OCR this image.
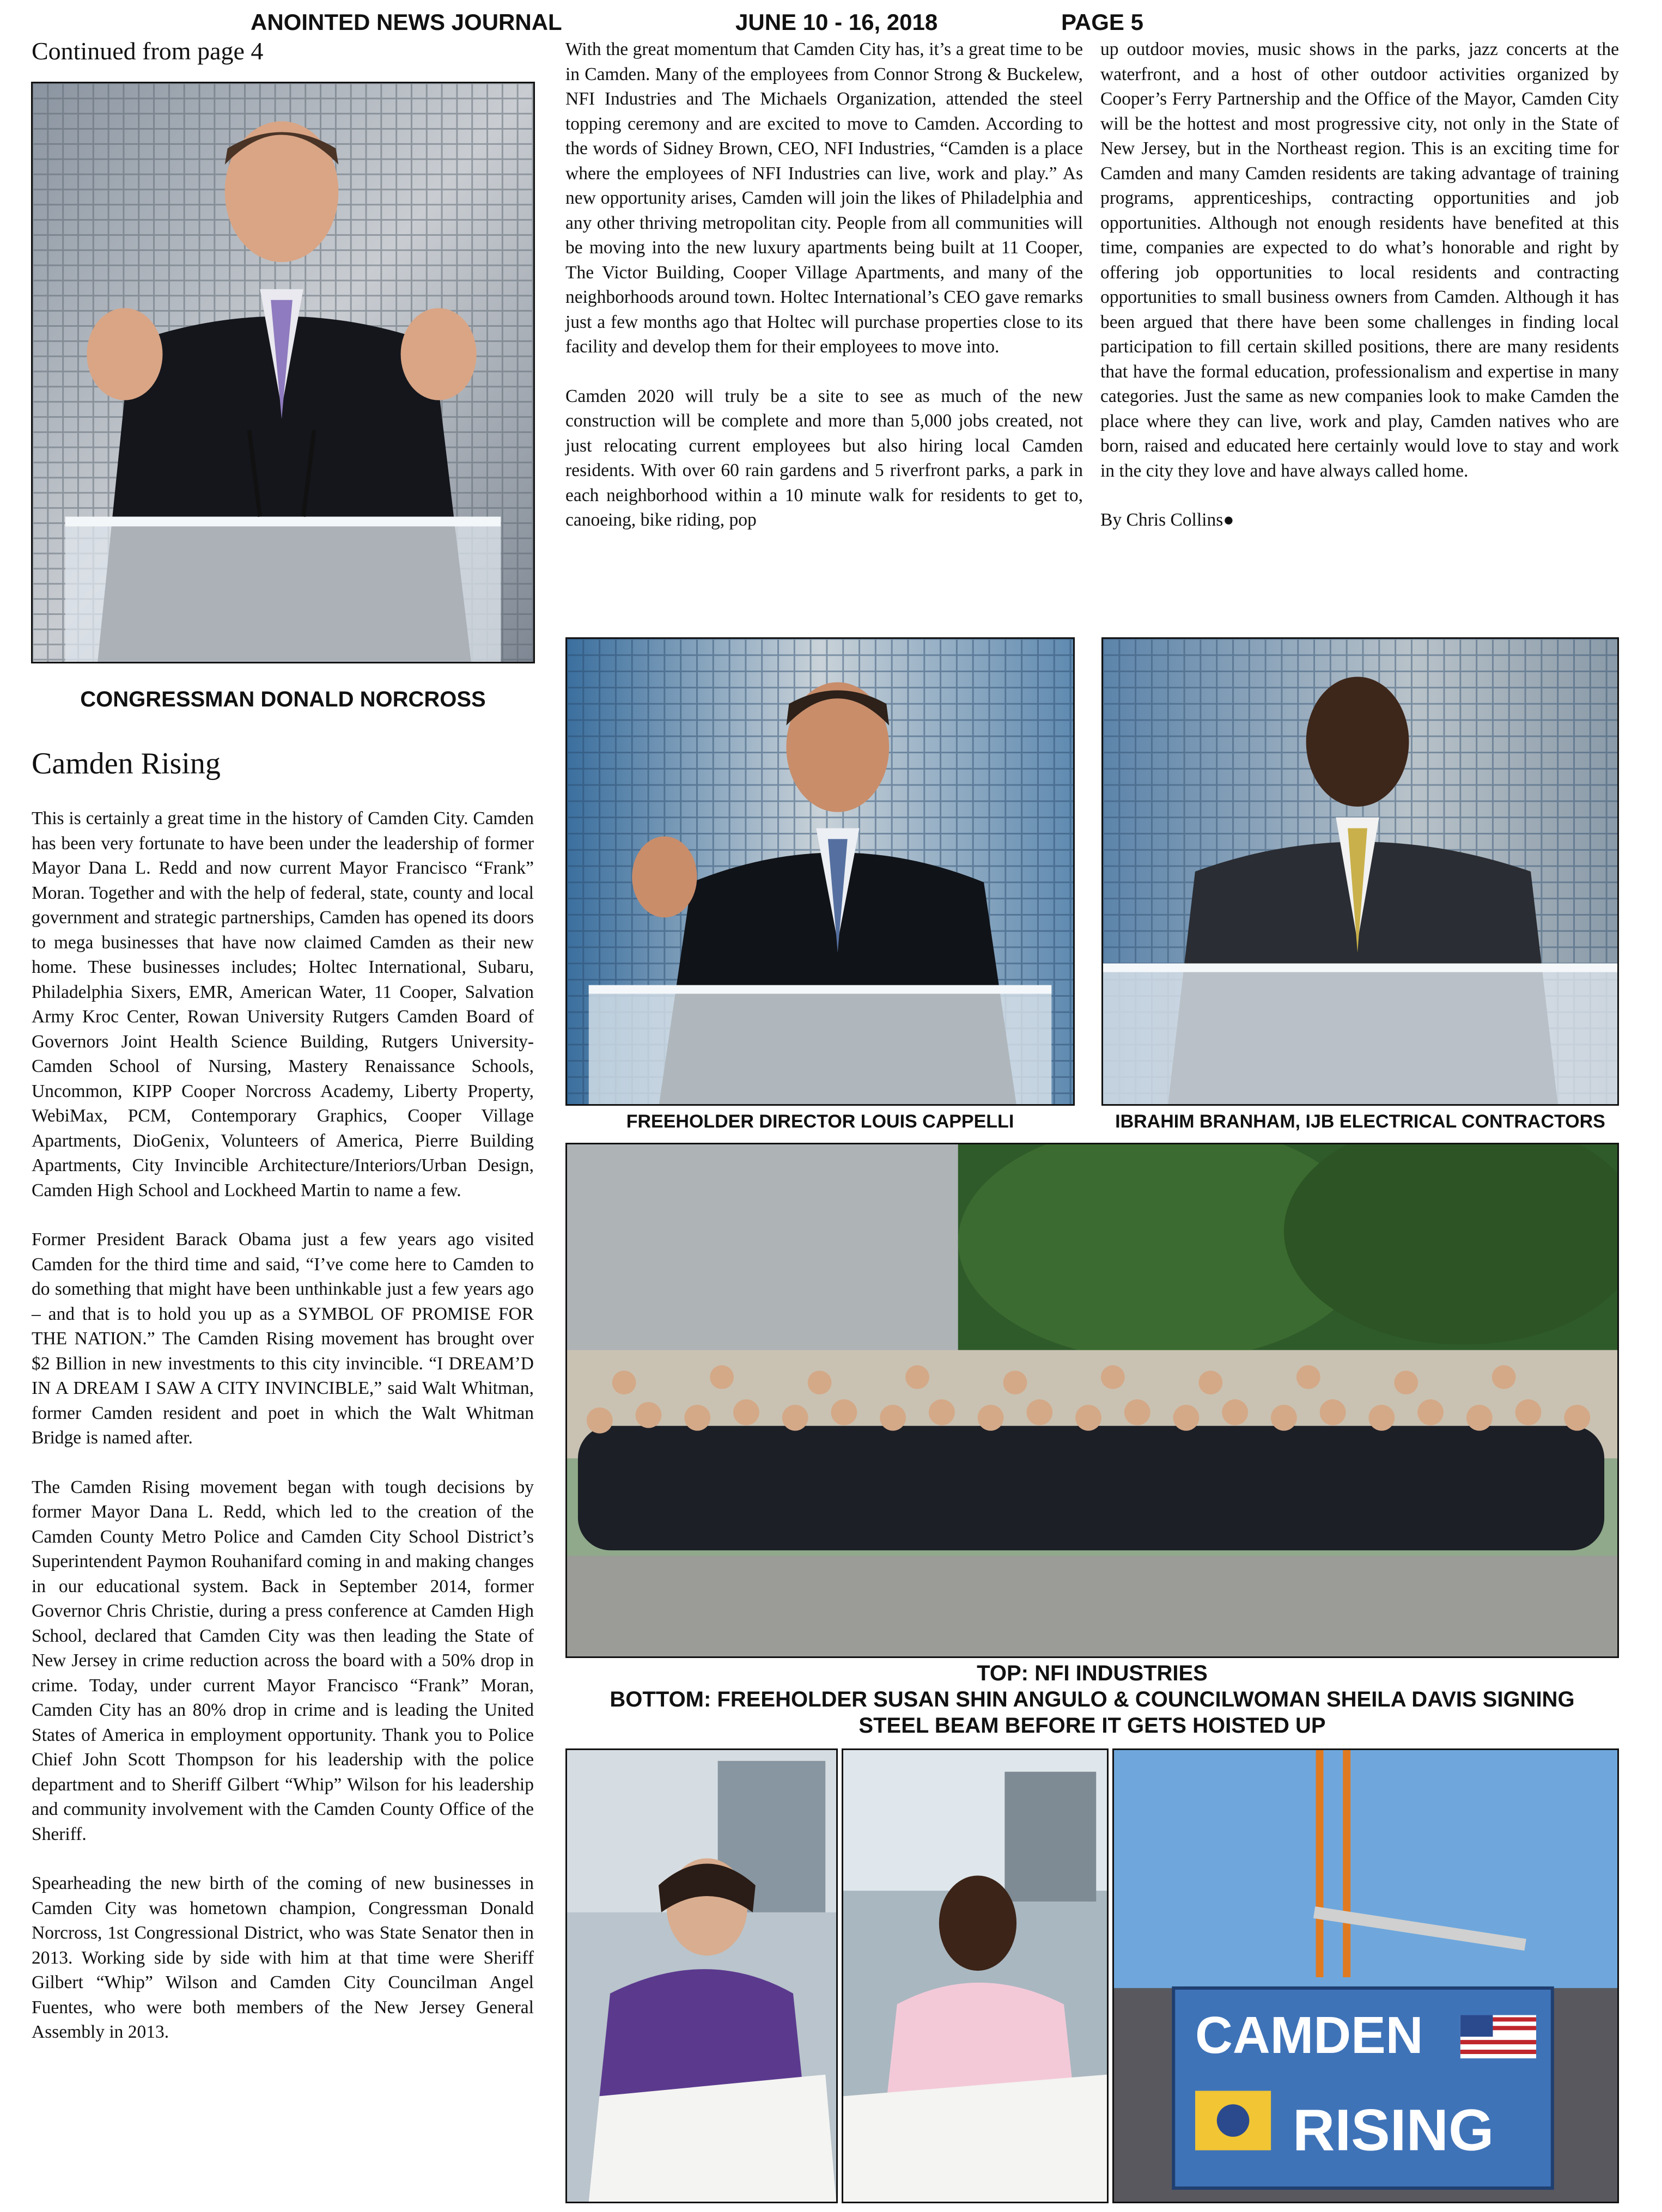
ANOINTED NEWS JOURNAL	JUNE 10 - 16, 2018	PAGE 5
Continued from page 4
CONGRESSMAN DONALD NORCROSS
Camden Rising

This is certainly a great time in the history of Camden City. Camden has been very fortunate to have been under the leadership of former Mayor Dana L. Redd and now current Mayor Francisco “Frank” Moran. Together and with the help of federal, state, county and local government and strategic partnerships, Camden has opened its doors to mega businesses that have now claimed Camden as their new home. These businesses includes; Holtec International, Subaru, Philadelphia Sixers, EMR, American Water, 11 Cooper, Salvation Army Kroc Center, Rowan University Rutgers Camden Board of Governors Joint Health Science Building, Rutgers University-Camden School of Nursing, Mastery Renaissance Schools, Uncommon, KIPP Cooper Norcross Academy, Liberty Property, WebiMax, PCM, Contemporary Graphics, Cooper Village Apartments, DioGenix, Volunteers of America, Pierre Building Apartments, City Invincible Architecture/Interiors/Urban Design, Camden High School and Lockheed Martin to name a few.

Former President Barack Obama just a few years ago visited Camden for the third time and said, “I’ve come here to Camden to do something that might have been unthinkable just a few years ago – and that is to hold you up as a SYMBOL OF PROMISE FOR THE NATION.” The Camden Rising movement has brought over $2 Billion in new investments to this city invincible. “I DREAM’D IN A DREAM I SAW A CITY INVINCIBLE,” said Walt Whitman, former Camden resident and poet in which the Walt Whitman Bridge is named after.

The Camden Rising movement began with tough decisions by former Mayor Dana L. Redd, which led to the creation of the Camden County Metro Police and Camden City School District’s Superintendent Paymon Rouhanifard coming in and making changes in our educational system. Back in September 2014, former Governor Chris Christie, during a press conference at Camden High School, declared that Camden City was then leading the State of New Jersey in crime reduction across the board with a 50% drop in crime. Today, under current Mayor Francisco “Frank” Moran, Camden City has an 80% drop in crime and is leading the United States of America in employment opportunity. Thank you to Police Chief John Scott Thompson for his leadership with the police department and to Sheriff Gilbert “Whip” Wilson for his leadership and community involvement with the Camden County Office of the Sheriff.

Spearheading the new birth of the coming of new businesses in Camden City was hometown champion, Congressman Donald Norcross, 1st Congressional District, who was State Senator then in 2013. Working side by side with him at that time were Sheriff Gilbert “Whip” Wilson and Camden City Councilman Angel Fuentes, who were both members of the New Jersey General Assembly in 2013.

With the great momentum that Camden City has, it’s a great time to be in Camden. Many of the employees from Connor Strong & Buckelew, NFI Industries and The Michaels Organization, attended the steel topping ceremony and are excited to move to Camden. According to the words of Sidney Brown, CEO, NFI Industries, “Camden is a place where the employees of NFI Industries can live, work and play.” As new opportunity arises, Camden will join the likes of Philadelphia and any other thriving metropolitan city. People from all communities will be moving into the new luxury apartments being built at 11 Cooper, The Victor Building, Cooper Village Apartments, and many of the neighborhoods around town. Holtec International’s CEO gave remarks just a few months ago that Holtec will purchase properties close to its facility and develop them for their employees to move into.

Camden 2020 will truly be a site to see as much of the new construction will be complete and more than 5,000 jobs created, not just relocating current employees but also hiring local Camden residents. With over 60 rain gardens and 5 riverfront parks, a park in each neighborhood within a 10 minute walk for residents to get to, canoeing, bike riding, pop

up outdoor movies, music shows in the parks, jazz concerts at the waterfront, and a host of other outdoor activities organized by Cooper’s Ferry Partnership and the Office of the Mayor, Camden City will be the hottest and most progressive city, not only in the State of New Jersey, but in the Northeast region. This is an exciting time for Camden and many Camden residents are taking advantage of training programs, apprenticeships, contracting opportunities and job opportunities. Although not enough residents have benefited at this time, companies are expected to do what’s honorable and right by offering job opportunities to local residents and contracting opportunities to small business owners from Camden. Although it has been argued that there have been some challenges in finding local participation to fill certain skilled positions, there are many residents that have the formal education, professionalism and expertise in many categories. Just the same as new companies look to make Camden the place where they can live, work and play, Camden natives who are born, raised and educated here certainly would love to stay and work in the city they love and have always called home.

By Chris Collins●

FREEHOLDER DIRECTOR LOUIS CAPPELLI	IBRAHIM BRANHAM, IJB ELECTRICAL CONTRACTORS
TOP: NFI INDUSTRIES
BOTTOM: FREEHOLDER SUSAN SHIN ANGULO & COUNCILWOMAN SHEILA DAVIS SIGNING
STEEL BEAM BEFORE IT GETS HOISTED UP
CAMDEN
RISING
